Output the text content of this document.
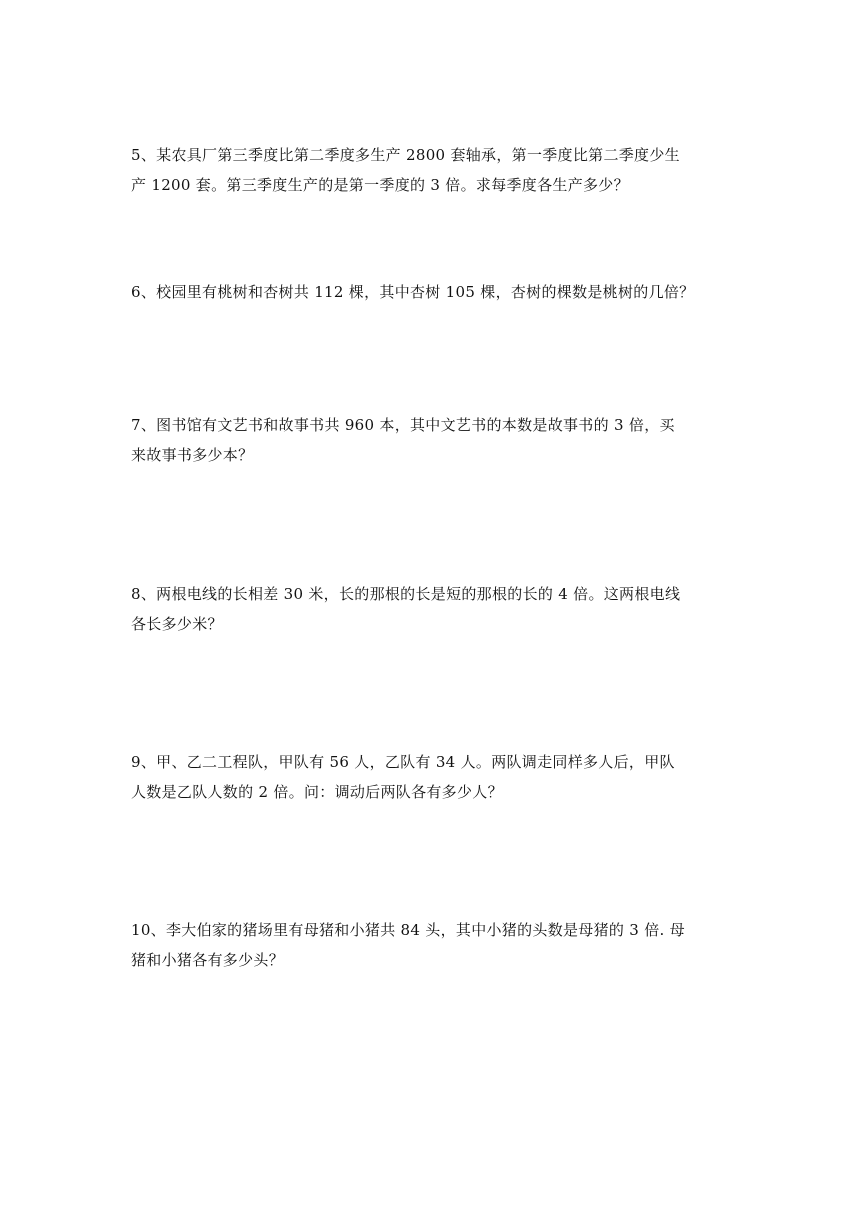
5、某农具厂第三季度比第二季度多生产 2800 套轴承，第一季度比第二季度少生
产 1200 套。第三季度生产的是第一季度的 3 倍。求每季度各生产多少？
6、校园里有桃树和杏树共 112 棵，其中杏树 105 棵，杏树的棵数是桃树的几倍？
7、图书馆有文艺书和故事书共 960 本，其中文艺书的本数是故事书的 3 倍，买
来故事书多少本？
8、两根电线的长相差 30 米，长的那根的长是短的那根的长的 4 倍。这两根电线
各长多少米？
9、甲、乙二工程队，甲队有 56 人，乙队有 34 人。两队调走同样多人后，甲队
人数是乙队人数的 2 倍。问：调动后两队各有多少人？
10、李大伯家的猪场里有母猪和小猪共 84 头，其中小猪的头数是母猪的 3 倍. 母
猪和小猪各有多少头？
